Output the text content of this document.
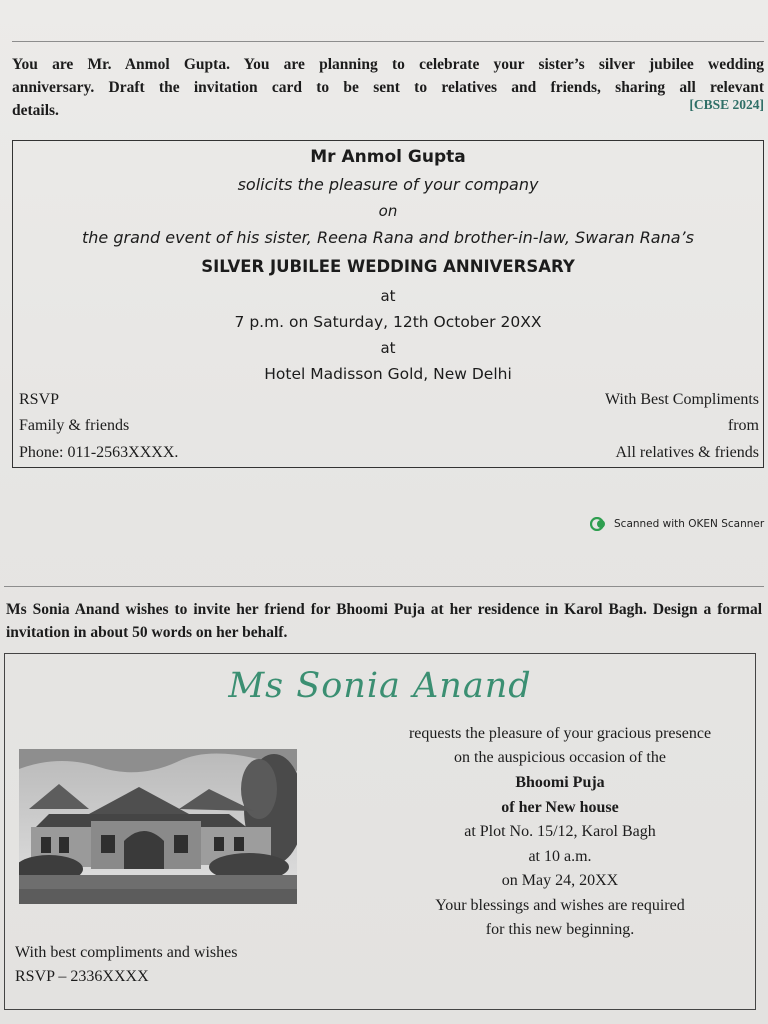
You are Mr. Anmol Gupta. You are planning to celebrate your sister’s silver jubilee wedding
anniversary. Draft the invitation card to be sent to relatives and friends, sharing all relevant
details.	[CBSE 2024]
Mr Anmol Gupta
solicits the pleasure of your company
on
the grand event of his sister, Reena Rana and brother-in-law, Swaran Rana’s
SILVER JUBILEE WEDDING ANNIVERSARY
at
7 p.m. on Saturday, 12th October 20XX
at
Hotel Madisson Gold, New Delhi
RSVP
Family & friends
Phone: 011-2563XXXX.
With Best Compliments
from
All relatives & friends
Scanned with OKEN Scanner
Ms Sonia Anand wishes to invite her friend for Bhoomi Puja at her residence in Karol Bagh. Design a formal invitation in about 50 words on her behalf.
Ms Sonia Anand
requests the pleasure of your gracious presence
on the auspicious occasion of the
Bhoomi Puja
of her New house
at Plot No. 15/12, Karol Bagh
at 10 a.m.
on May 24, 20XX
Your blessings and wishes are required
for this new beginning.
With best compliments and wishes
RSVP – 2336XXXX
